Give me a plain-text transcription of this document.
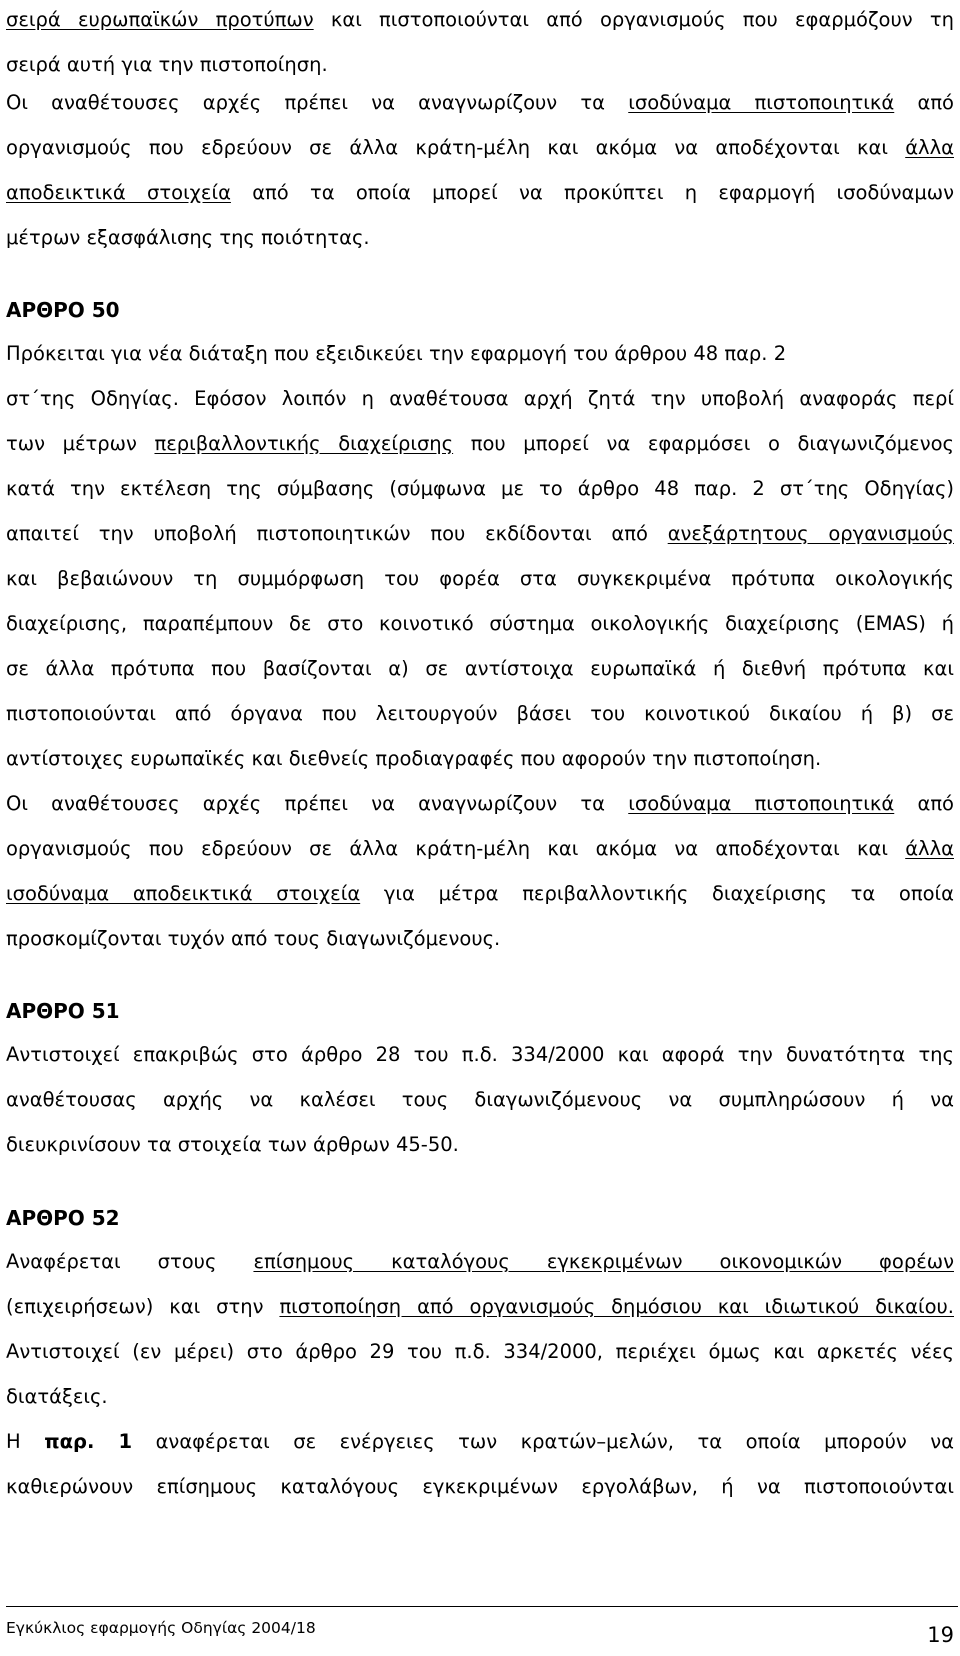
σειρά ευρωπαϊκών προτύπων και πιστοποιούνται από οργανισμούς που εφαρμόζουν τη
σειρά αυτή για την πιστοποίηση.
Οι αναθέτουσες αρχές πρέπει να αναγνωρίζουν τα ισοδύναμα πιστοποιητικά από
οργανισμούς που εδρεύουν σε άλλα κράτη-μέλη και ακόμα να αποδέχονται και άλλα
αποδεικτικά στοιχεία από τα οποία μπορεί να προκύπτει η εφαρμογή ισοδύναμων
μέτρων εξασφάλισης της ποιότητας.
ΑΡΘΡΟ 50
Πρόκειται για νέα διάταξη που εξειδικεύει την εφαρμογή του άρθρου 48 παρ. 2
στ΄της Οδηγίας. Εφόσον λοιπόν η αναθέτουσα αρχή ζητά την υποβολή αναφοράς περί
των μέτρων περιβαλλοντικής διαχείρισης που μπορεί να εφαρμόσει ο διαγωνιζόμενος
κατά την εκτέλεση της σύμβασης (σύμφωνα με το άρθρο 48 παρ. 2 στ΄της Οδηγίας)
απαιτεί την υποβολή πιστοποιητικών που εκδίδονται από ανεξάρτητους οργανισμούς
και βεβαιώνουν τη συμμόρφωση του φορέα στα συγκεκριμένα πρότυπα οικολογικής
διαχείρισης, παραπέμπουν δε στο κοινοτικό σύστημα οικολογικής διαχείρισης (EMAS) ή
σε άλλα πρότυπα που βασίζονται α) σε αντίστοιχα ευρωπαϊκά ή διεθνή πρότυπα και
πιστοποιούνται από όργανα που λειτουργούν βάσει του κοινοτικού δικαίου ή β) σε
αντίστοιχες ευρωπαϊκές και διεθνείς προδιαγραφές που αφορούν την πιστοποίηση.
Οι αναθέτουσες αρχές πρέπει να αναγνωρίζουν τα ισοδύναμα πιστοποιητικά από
οργανισμούς που εδρεύουν σε άλλα κράτη-μέλη και ακόμα να αποδέχονται και άλλα
ισοδύναμα αποδεικτικά στοιχεία για μέτρα περιβαλλοντικής διαχείρισης τα οποία
προσκομίζονται τυχόν από τους διαγωνιζόμενους.
ΑΡΘΡΟ 51
Αντιστοιχεί επακριβώς στο άρθρο 28 του π.δ. 334/2000 και αφορά την δυνατότητα της
αναθέτουσας αρχής να καλέσει τους διαγωνιζόμενους να συμπληρώσουν ή να
διευκρινίσουν τα στοιχεία των άρθρων 45-50.
ΑΡΘΡΟ 52
Αναφέρεται στους επίσημους καταλόγους εγκεκριμένων οικονομικών φορέων
(επιχειρήσεων) και στην πιστοποίηση από οργανισμούς δημόσιου και ιδιωτικού δικαίου.
Αντιστοιχεί (εν μέρει) στο άρθρο 29 του π.δ. 334/2000, περιέχει όμως και αρκετές νέες
διατάξεις.
Η παρ. 1 αναφέρεται σε ενέργειες των κρατών–μελών, τα οποία μπορούν να
καθιερώνουν επίσημους καταλόγους εγκεκριμένων εργολάβων, ή να πιστοποιούνται
Εγκύκλιος εφαρμογής Οδηγίας 2004/18	19
